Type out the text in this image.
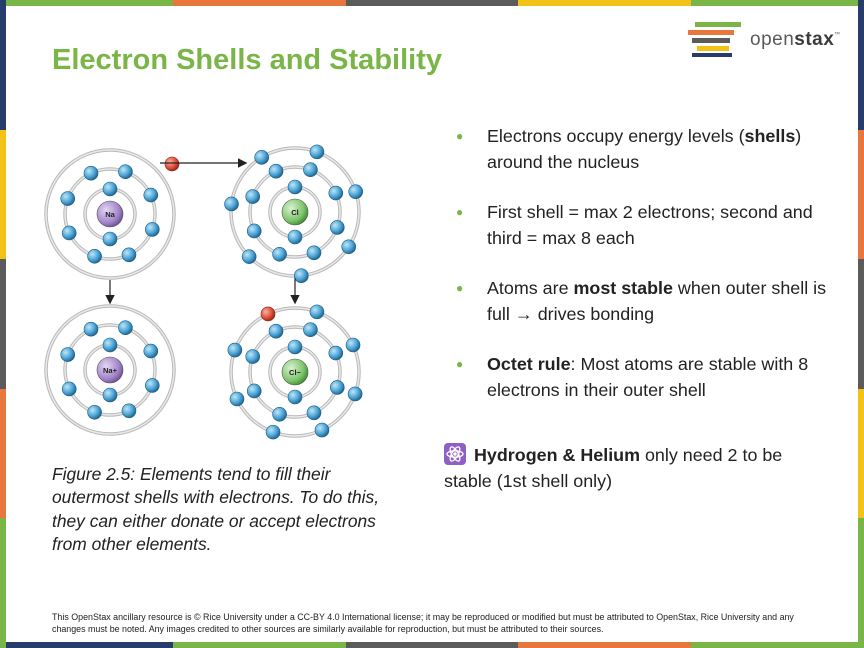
Electron Shells and Stability
openstax ™
Na	Cl
Na+	Cl−
Figure 2.5: Elements tend to fill their outermost shells with electrons. To do this, they can either donate or accept electrons from other elements.
● Electrons occupy energy levels (shells) around the nucleus
● First shell = max 2 electrons; second and third = max 8 each
● Atoms are most stable when outer shell is full → drives bonding
● Octet rule: Most atoms are stable with 8 electrons in their outer shell
Hydrogen & Helium only need 2 to be stable (1st shell only)
This OpenStax ancillary resource is © Rice University under a CC-BY 4.0 International license; it may be reproduced or modified but must be attributed to OpenStax, Rice University and any changes must be noted. Any images credited to other sources are similarly available for reproduction, but must be attributed to their sources.
